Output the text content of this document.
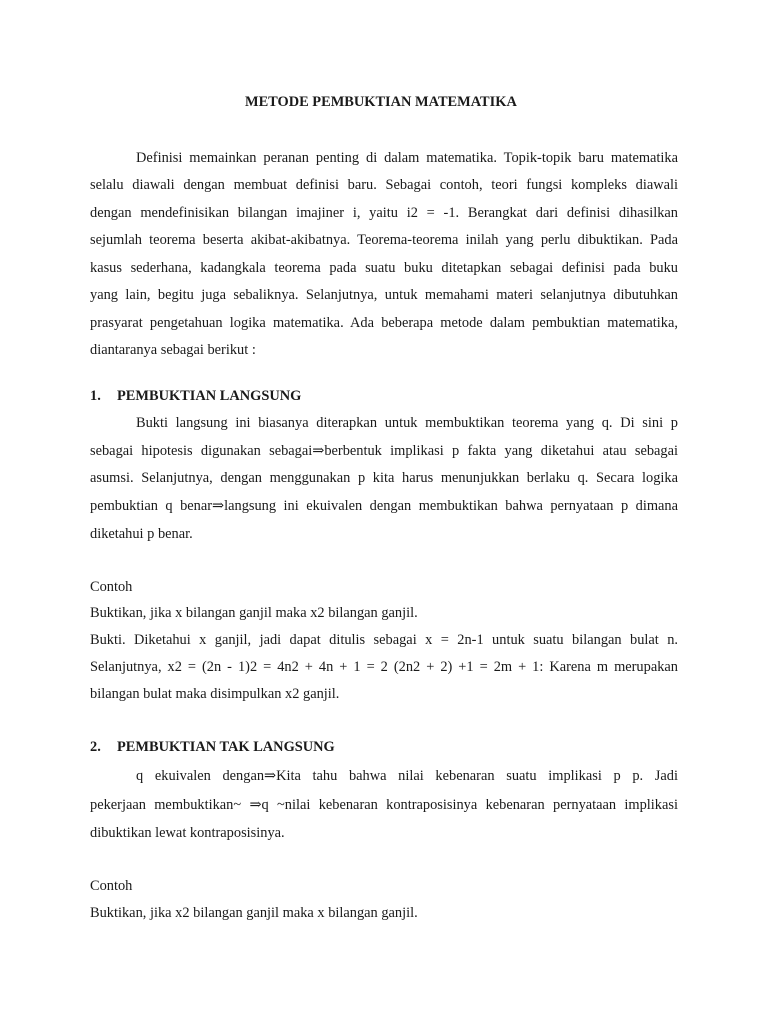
METODE PEMBUKTIAN MATEMATIKA

Definisi memainkan peranan penting di dalam matematika. Topik-topik baru matematika

selalu diawali dengan membuat definisi baru. Sebagai contoh, teori fungsi kompleks diawali

dengan mendefinisikan bilangan imajiner i, yaitu i2 = -1. Berangkat dari definisi dihasilkan

sejumlah teorema beserta akibat-akibatnya. Teorema-teorema inilah yang perlu dibuktikan. Pada

kasus sederhana, kadangkala teorema pada suatu buku ditetapkan sebagai definisi pada buku

yang lain, begitu juga sebaliknya. Selanjutnya, untuk memahami materi selanjutnya dibutuhkan

prasyarat pengetahuan logika matematika. Ada beberapa metode dalam pembuktian matematika,

diantaranya sebagai berikut :

1. PEMBUKTIAN LANGSUNG

Bukti langsung ini biasanya diterapkan untuk membuktikan teorema yang q. Di sini p

sebagai hipotesis digunakan sebagai⇒berbentuk implikasi p fakta yang diketahui atau sebagai

asumsi. Selanjutnya, dengan menggunakan p kita harus menunjukkan berlaku q. Secara logika

pembuktian q benar⇒langsung ini ekuivalen dengan membuktikan bahwa pernyataan p dimana

diketahui p benar.

Contoh

Buktikan, jika x bilangan ganjil maka x2 bilangan ganjil.

Bukti. Diketahui x ganjil, jadi dapat ditulis sebagai x = 2n-1 untuk suatu bilangan bulat n.

Selanjutnya, x2 = (2n - 1)2 = 4n2 + 4n + 1 = 2 (2n2 + 2) +1 = 2m + 1: Karena m merupakan

bilangan bulat maka disimpulkan x2 ganjil.

2. PEMBUKTIAN TAK LANGSUNG

q ekuivalen dengan⇒Kita tahu bahwa nilai kebenaran suatu implikasi p p. Jadi

pekerjaan membuktikan~ ⇒q ~nilai kebenaran kontraposisinya kebenaran pernyataan implikasi

dibuktikan lewat kontraposisinya.

Contoh

Buktikan, jika x2 bilangan ganjil maka x bilangan ganjil.
